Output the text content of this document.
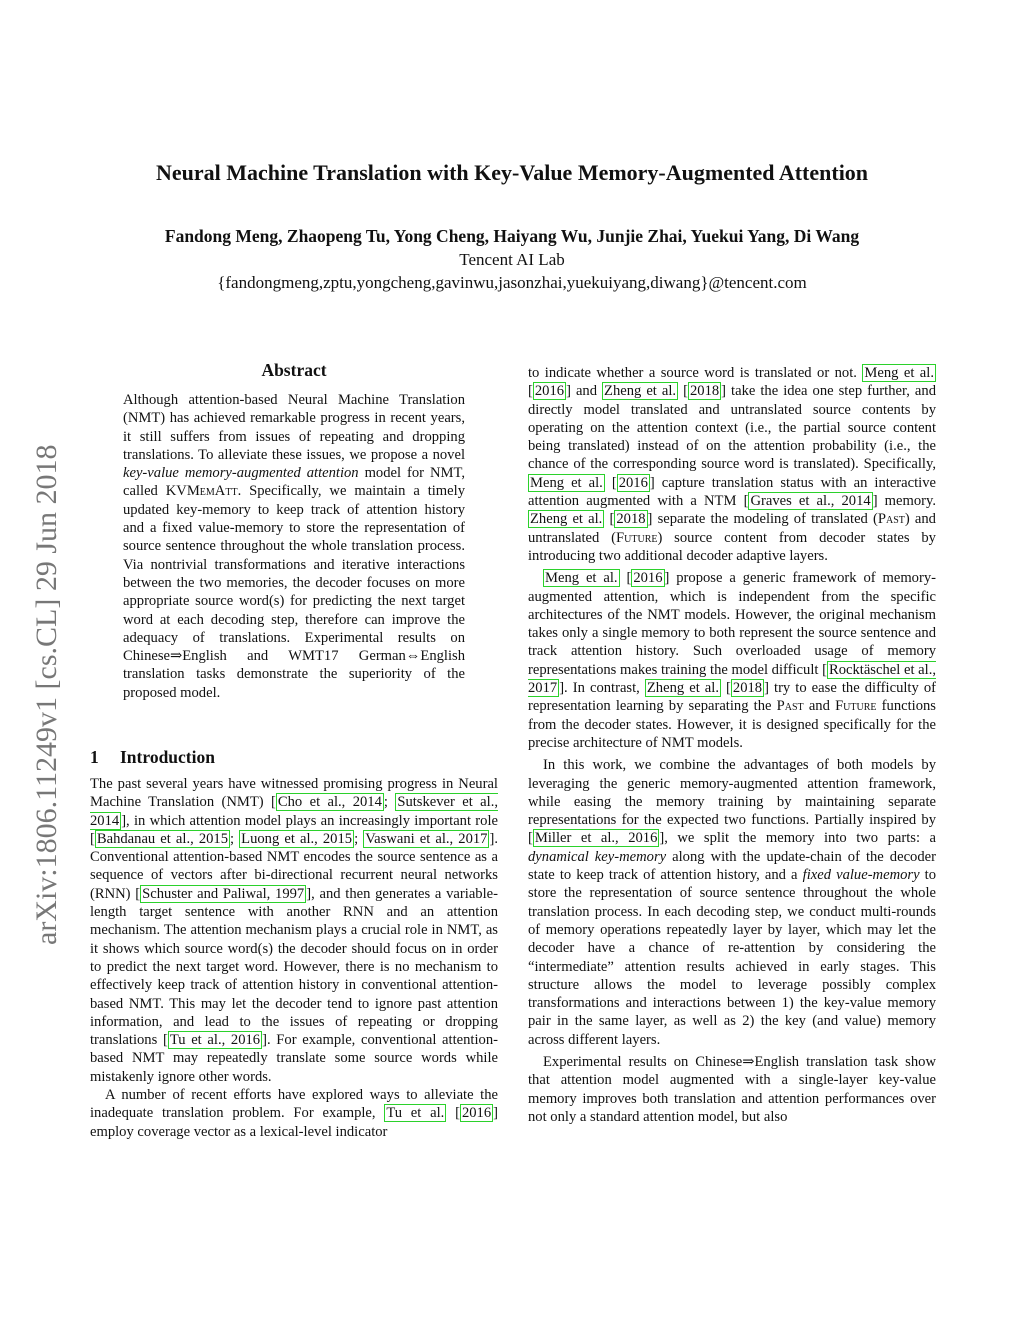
arXiv:1806.11249v1 [cs.CL] 29 Jun 2018
Neural Machine Translation with Key-Value Memory-Augmented Attention
Fandong Meng, Zhaopeng Tu, Yong Cheng, Haiyang Wu, Junjie Zhai, Yuekui Yang, Di Wang
Tencent AI Lab
{fandongmeng,zptu,yongcheng,gavinwu,jasonzhai,yuekuiyang,diwang}@tencent.com
Abstract
Although attention-based Neural Machine Translation (NMT) has achieved remarkable progress in recent years, it still suffers from issues of repeating and dropping translations. To alleviate these issues, we propose a novel key-value memory-augmented attention model for NMT, called KVMemAtt. Specifically, we maintain a timely updated key-memory to keep track of attention history and a fixed value-memory to store the representation of source sentence throughout the whole translation process. Via nontrivial transformations and iterative interactions between the two memories, the decoder focuses on more appropriate source word(s) for predicting the next target word at each decoding step, therefore can improve the adequacy of translations. Experimental results on Chinese⇒English and WMT17 German⇔English translation tasks demonstrate the superiority of the proposed model.
1 Introduction

The past several years have witnessed promising progress in Neural Machine Translation (NMT) [ Cho et al., 2014 ; Sutskever et al., 2014 ], in which attention model plays an increasingly important role [ Bahdanau et al., 2015 ; Luong et al., 2015 ; Vaswani et al., 2017 ]. Conventional attention-based NMT encodes the source sentence as a sequence of vectors after bi-directional recurrent neural networks (RNN) [ Schuster and Paliwal, 1997 ], and then generates a variable-length target sentence with another RNN and an attention mechanism. The attention mechanism plays a crucial role in NMT, as it shows which source word(s) the decoder should focus on in order to predict the next target word. However, there is no mechanism to effectively keep track of attention history in conventional attention-based NMT. This may let the decoder tend to ignore past attention information, and lead to the issues of repeating or dropping translations [ Tu et al., 2016 ]. For example, conventional attention-based NMT may repeatedly translate some source words while mistakenly ignore other words.

A number of recent efforts have explored ways to alleviate the inadequate translation problem. For example, Tu et al. [ 2016 ] employ coverage vector as a lexical-level indicator

to indicate whether a source word is translated or not. Meng et al. [ 2016 ] and Zheng et al. [ 2018 ] take the idea one step further, and directly model translated and untranslated source contents by operating on the attention context (i.e., the partial source content being translated) instead of on the attention probability (i.e., the chance of the corresponding source word is translated). Specifically, Meng et al. [ 2016 ] capture translation status with an interactive attention augmented with a NTM [ Graves et al., 2014 ] memory. Zheng et al. [ 2018 ] separate the modeling of translated (Past) and untranslated (Future) source content from decoder states by introducing two additional decoder adaptive layers.

Meng et al. [ 2016 ] propose a generic framework of memory-augmented attention, which is independent from the specific architectures of the NMT models. However, the original mechanism takes only a single memory to both represent the source sentence and track attention history. Such overloaded usage of memory representations makes training the model difficult [ Rocktäschel et al., 2017 ]. In contrast, Zheng et al. [ 2018 ] try to ease the difficulty of representation learning by separating the Past and Future functions from the decoder states. However, it is designed specifically for the precise architecture of NMT models.

In this work, we combine the advantages of both models by leveraging the generic memory-augmented attention framework, while easing the memory training by maintaining separate representations for the expected two functions. Partially inspired by [ Miller et al., 2016 ], we split the memory into two parts: a dynamical key-memory along with the update-chain of the decoder state to keep track of attention history, and a fixed value-memory to store the representation of source sentence throughout the whole translation process. In each decoding step, we conduct multi-rounds of memory operations repeatedly layer by layer, which may let the decoder have a chance of re-attention by considering the “intermediate” attention results achieved in early stages. This structure allows the model to leverage possibly complex transformations and interactions between 1) the key-value memory pair in the same layer, as well as 2) the key (and value) memory across different layers.

Experimental results on Chinese⇒English translation task show that attention model augmented with a single-layer key-value memory improves both translation and attention performances over not only a standard attention model, but also
